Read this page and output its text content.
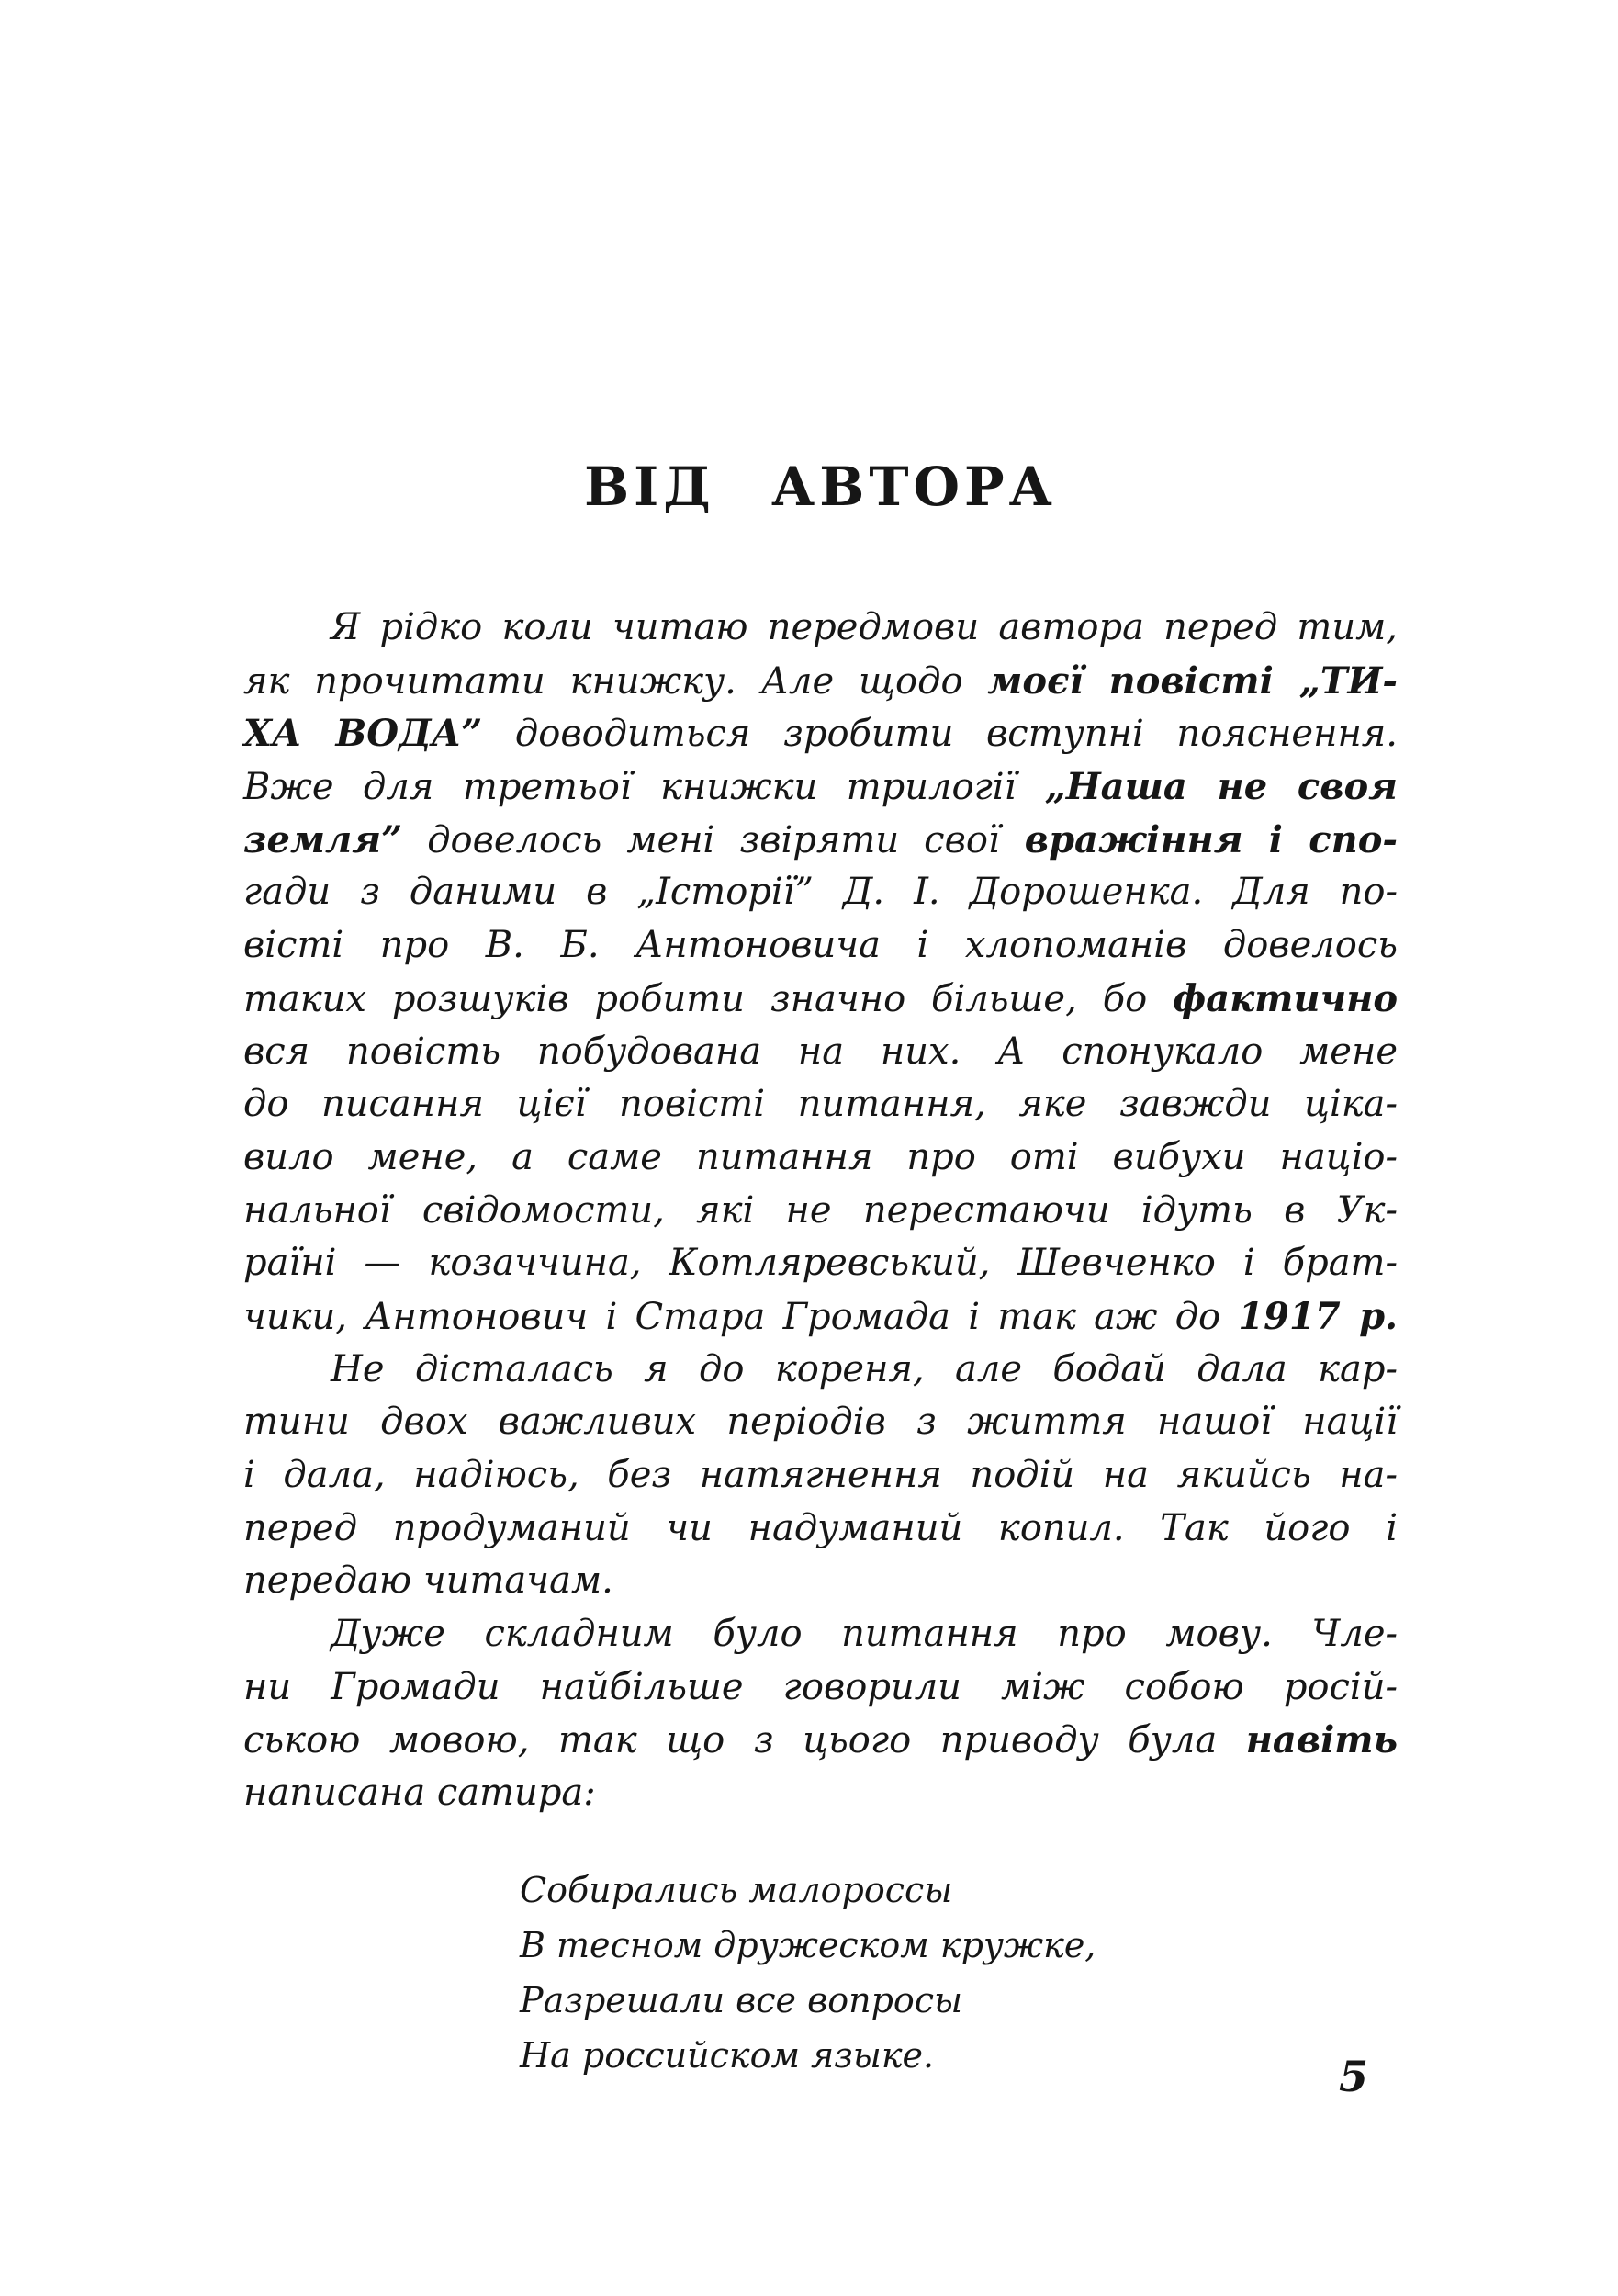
ВІД АВТОРА
Я рідко коли читаю передмови автора перед тим,
як прочитати книжку. Але щодо моєї повісті „ТИ-
ХА ВОДА” доводиться зробити вступні пояснення.
Вже для третьої книжки трилогії „Наша не своя
земля” довелось мені звіряти свої вражіння і спо-
гади з даними в „Історії” Д. І. Дорошенка. Для по-
вісті про В. Б. Антоновича і хлопоманів довелось
таких розшуків робити значно більше, бо фактично
вся повість побудована на них. А спонукало мене
до писання цієї повісті питання, яке завжди ціка-
вило мене, а саме питання про оті вибухи націо-
нальної свідомости, які не перестаючи ідуть в Ук-
раїні — козаччина, Котляревський, Шевченко і брат-
чики, Антонович і Стара Громада і так аж до 1917 р.
Не дісталась я до кореня, але бодай дала кар-
тини двох важливих періодів з життя нашої нації
і дала, надіюсь, без натягнення подій на якийсь на-
перед продуманий чи надуманий копил. Так його і
передаю читачам.
Дуже складним було питання про мову. Чле-
ни Громади найбільше говорили між собою росій-
ською мовою, так що з цього приводу була навіть
написана сатира:
Собирались малороссы
В тесном дружеском кружке,
Разрешали все вопросы
На российском языке.	5
